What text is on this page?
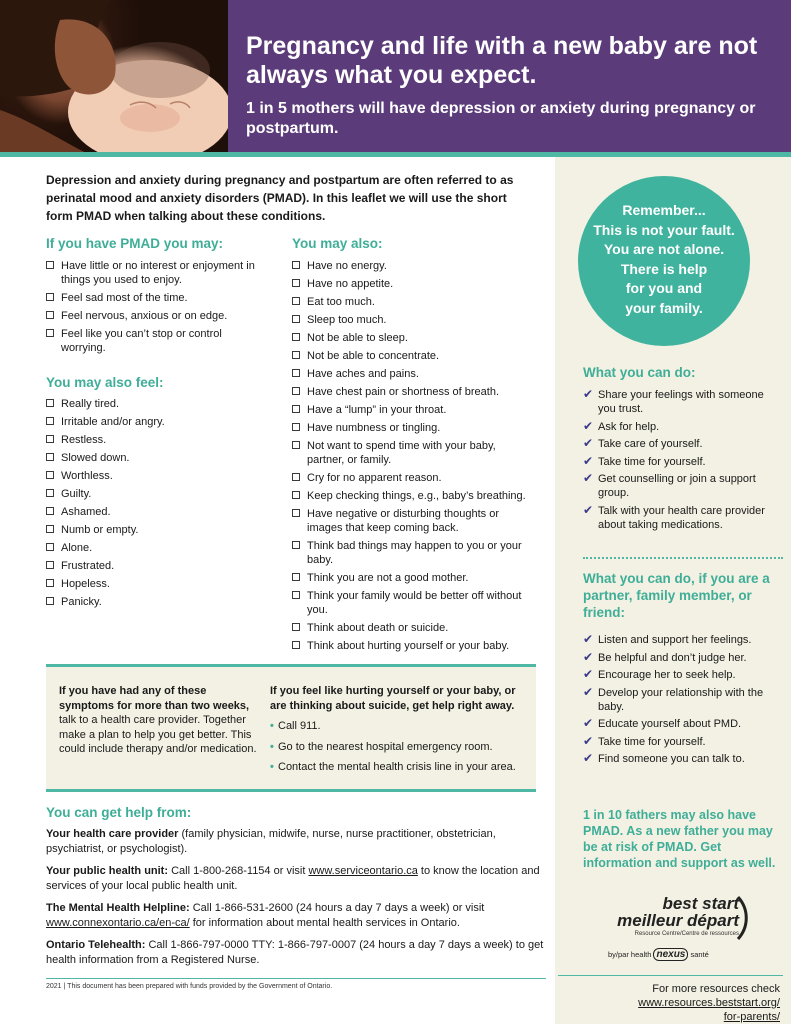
Pregnancy and life with a new baby are not always what you expect.
1 in 5 mothers will have depression or anxiety during pregnancy or postpartum.

Depression and anxiety during pregnancy and postpartum are often referred to as perinatal mood and anxiety disorders (PMAD). In this leaflet we will use the short form PMAD when talking about these conditions.

If you have PMAD you may:
Have little or no interest or enjoyment in things you used to enjoy.
Feel sad most of the time.
Feel nervous, anxious or on edge.
Feel like you can’t stop or control worrying.
You may also feel:
Really tired.
Irritable and/or angry.
Restless.
Slowed down.
Worthless.
Guilty.
Ashamed.
Numb or empty.
Alone.
Frustrated.
Hopeless.
Panicky.
You may also:
Have no energy.
Have no appetite.
Eat too much.
Sleep too much.
Not be able to sleep.
Not be able to concentrate.
Have aches and pains.
Have chest pain or shortness of breath.
Have a “lump” in your throat.
Have numbness or tingling.
Not want to spend time with your baby, partner, or family.
Cry for no apparent reason.
Keep checking things, e.g., baby’s breathing.
Have negative or disturbing thoughts or images that keep coming back.
Think bad things may happen to you or your baby.
Think you are not a good mother.
Think your family would be better off without you.
Think about death or suicide.
Think about hurting yourself or your baby.
If you have had any of these symptoms for more than two weeks, talk to a health care provider. Together make a plan to help you get better. This could include therapy and/or medication.
If you feel like hurting yourself or your baby, or are thinking about suicide, get help right away.
• Call 911.
• Go to the nearest hospital emergency room.
• Contact the mental health crisis line in your area.
You can get help from:

Your health care provider (family physician, midwife, nurse, nurse practitioner, obstetrician, psychiatrist, or psychologist).

Your public health unit: Call 1-800-268-1154 or visit www.serviceontario.ca to know the location and services of your local public health unit.

The Mental Health Helpline: Call 1-866-531-2600 (24 hours a day 7 days a week) or visit www.connexontario.ca/en-ca/ for information about mental health services in Ontario.

Ontario Telehealth: Call 1-866-797-0000 TTY: 1-866-797-0007 (24 hours a day 7 days a week) to get health information from a Registered Nurse.

2021 | This document has been prepared with funds provided by the Government of Ontario.
Remember...
This is not your fault.
You are not alone.
There is help
for you and
your family.
What you can do:
✔ Share your feelings with someone you trust.
✔ Ask for help.
✔ Take care of yourself.
✔ Take time for yourself.
✔ Get counselling or join a support group.
✔ Talk with your health care provider about taking medications.
What you can do, if you are a partner, family member, or friend:
✔ Listen and support her feelings.
✔ Be helpful and don’t judge her.
✔ Encourage her to seek help.
✔ Develop your relationship with the baby.
✔ Educate yourself about PMD.
✔ Take time for yourself.
✔ Find someone you can talk to.

1 in 10 fathers may also have PMAD. As a new father you may be at risk of PMAD. Get information and support as well.

best start
meilleur départ
Resource Centre/Centre de ressources
by/par health nexus santé
For more resources check
www.resources.beststart.org/
for-parents/
